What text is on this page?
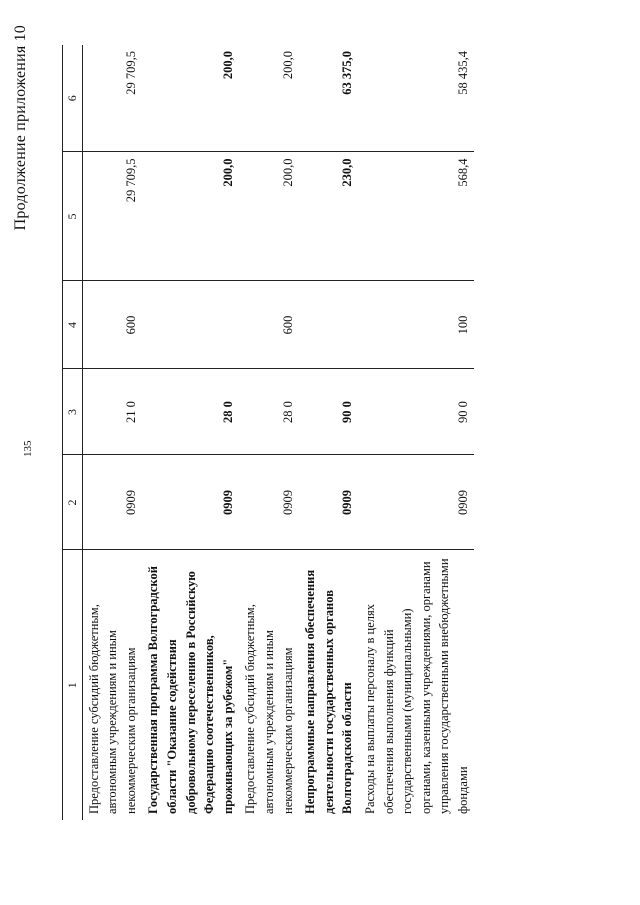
135
Продолжение приложения 10
1	2	3	4	5	6
Предоставление субсидий бюджетным, автономным учреждениям и иным некоммерческим организациям	0909	21 0	600	29 709,5	29 709,5
Государственная программа Волгоградской области "Оказание содействия добровольному переселению в Российскую Федерацию соотечественников, проживающих за рубежом"	0909	28 0		200,0	200,0
Предоставление субсидий бюджетным, автономным учреждениям и иным некоммерческим организациям	0909	28 0	600	200,0	200,0
Непрограммные направления обеспечения деятельности государственных органов Волгоградской области	0909	90 0		230,0	63 375,0
Расходы на выплаты персоналу в целях обеспечения выполнения функций государственными (муниципальными) органами, казенными учреждениями, органами управления государственными внебюджетными фондами	0909	90 0	100	568,4	58 435,4
